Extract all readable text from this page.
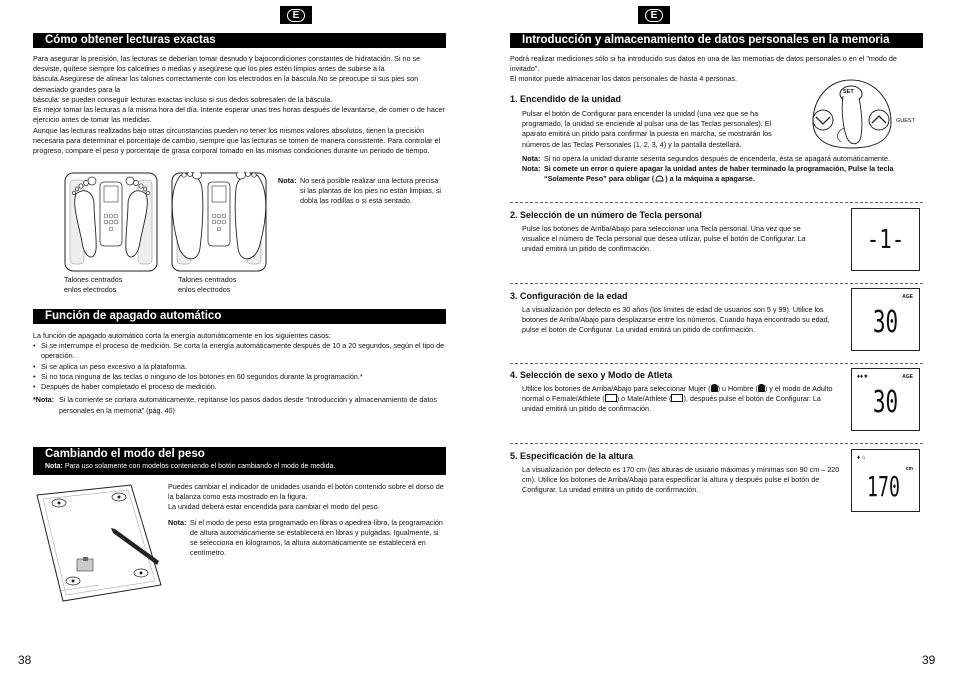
E
Cómo obtener lecturas exactas

Para asegurar la precisión, las lecturas se deberían tomar desnudo y bajocondiciones constantes de hidratación. Si no se desviste, quítese siempre los calcetines o medias y asegúrese que los pies estén limpios antes de subirse a la báscula.Asegúrese de alinear los talones correctamente con los electrodos en la báscula.No se preocupe si sus pies son demasiado grandes para la

báscula: se pueden conseguir lecturas exactas incluso si sus dedos sobresalen de la báscula.

Es mejor tomar las lecturas a la misma hora del día. Intente esperar unas tres horas después de levantarse, de comer o de hacer ejercicio antes de tomar las medidas.

Aunque las lecturas realizadas bajo otras circunstancias pueden no tener los mismos valores absolutos, tienen la precisión necesaria para determinar el porcentaje de cambio, siempre que las lecturas se tomen de manera consistente. Para controlar el progreso, compare el peso y porcentaje de grasa corporal tomado en las mismas condiciones durante un periodo de tiempo.

Talones centrados
enlos electrodos
Talones centrados
enlos electrodos
Nota: No será posible realizar una lectura precisa si las plantas de los pies no están limpias, si dobla las rodillas o si está sentado.
Función de apagado automático

La función de apagado automático corta la energía automáticamente en los siguientes casos:

• Si se interrumpe el proceso de medición. Se corta la energía automáticamente después de 10 a 20 segundos, según el tipo de operación.

• Si se aplica un peso excesivo a la plataforma.

• Si no toca ninguna de las teclas o ninguno de los botones en 60 segundos durante la programación.*

• Después de haber completado el proceso de medición.

*Nota: Si la corriente se cortara automáticamente, repítanse los pasos dados desde “Introducción y almacenamiento de datos personales en la memoria” (pág. 40)
Cambiando el modo del peso
Nota: Para uso solamente con modelos conteniendo el botón cambiando el modo de medida.

Puedes cambiar el indicador de unidades usando el botón contenido sobre el dorso de la balanza como esta mostrado en la figura.

La unidad deberá estar encendida para cambiar el modo del peso.

Nota: Si el modo de peso esta programado en libras o apedrea-libra, la programación de altura automáticamente se establecerá en libras y pulgadas. Igualmente, si se selecciona en kilogramos, la altura automáticamente se establecerá en centímetro.
38
E
Introducción y almacenamiento de datos personales en la memoria

Podrá realizar mediciones sólo si ha introducido sus datos en una de las memorias de datos personales o en el "modo de invitado".

El monitor puede almacenar los datos personales de hasta 4 personas.

1. Encendido de la unidad
Pulsar el botón de Configurar para encender la unidad (una vez que se ha programado, la unidad se enciende al pulsar una de las Teclas personales). El aparato emitirá un pitido para confirmar la puesta en marcha, se mostrarán los números de las Teclas Personales (1, 2, 3, 4) y la pantalla destellará.
SET
GUEST
Nota: Si no opera la unidad durante sesenta segundos después de encenderla, ésta se apagará automáticamente.
Nota: Si comete un error o quiere apagar la unidad antes de haber terminado la programación, Pulse la tecla “Solamente Peso” para obligar ( ) a la máquina a apagarse.
2. Selección de un número de Tecla personal
Pulse los botones de Arriba/Abajo para seleccionar una Tecla personal. Una vez que se visualice el número de Tecla personal que desea utilizar, pulse el botón de Configurar. La unidad emitirá un pitido de confirmación.	-1-
3. Configuración de la edad
La visualización por defecto es 30 años (los límites de edad de usuarios son 5 y 99). Utilice los botones de Arriba/Abajo para desplazarse entre los números. Cuando haya encontrado su edad, pulse el botón de Configurar. La unidad emitirá un pitido de confirmación.
AGE
30
4. Selección de sexo y Modo de Atleta
Utilice los botones de Arriba/Abajo para seleccionar Mujer ( ) u Hombre ( ) y el modo de Adulto normal o Female/Athlete ( ) o Male/Athlete ( ), después pulse el botón de Configurar. La unidad emitirá un pitido de confirmación.
♦♦★	AGE
30
5. Especificación de la altura
La visualización por defecto es 170 cm (las alturas de usuario máximas y mínimas son 90 cm – 220 cm). Utilice los botones de Arriba/Abajo para especificar la altura y después pulse el botón de Configurar. La unidad emitirá un pitido de confirmación.
♦ ⌂
cm
170
39
